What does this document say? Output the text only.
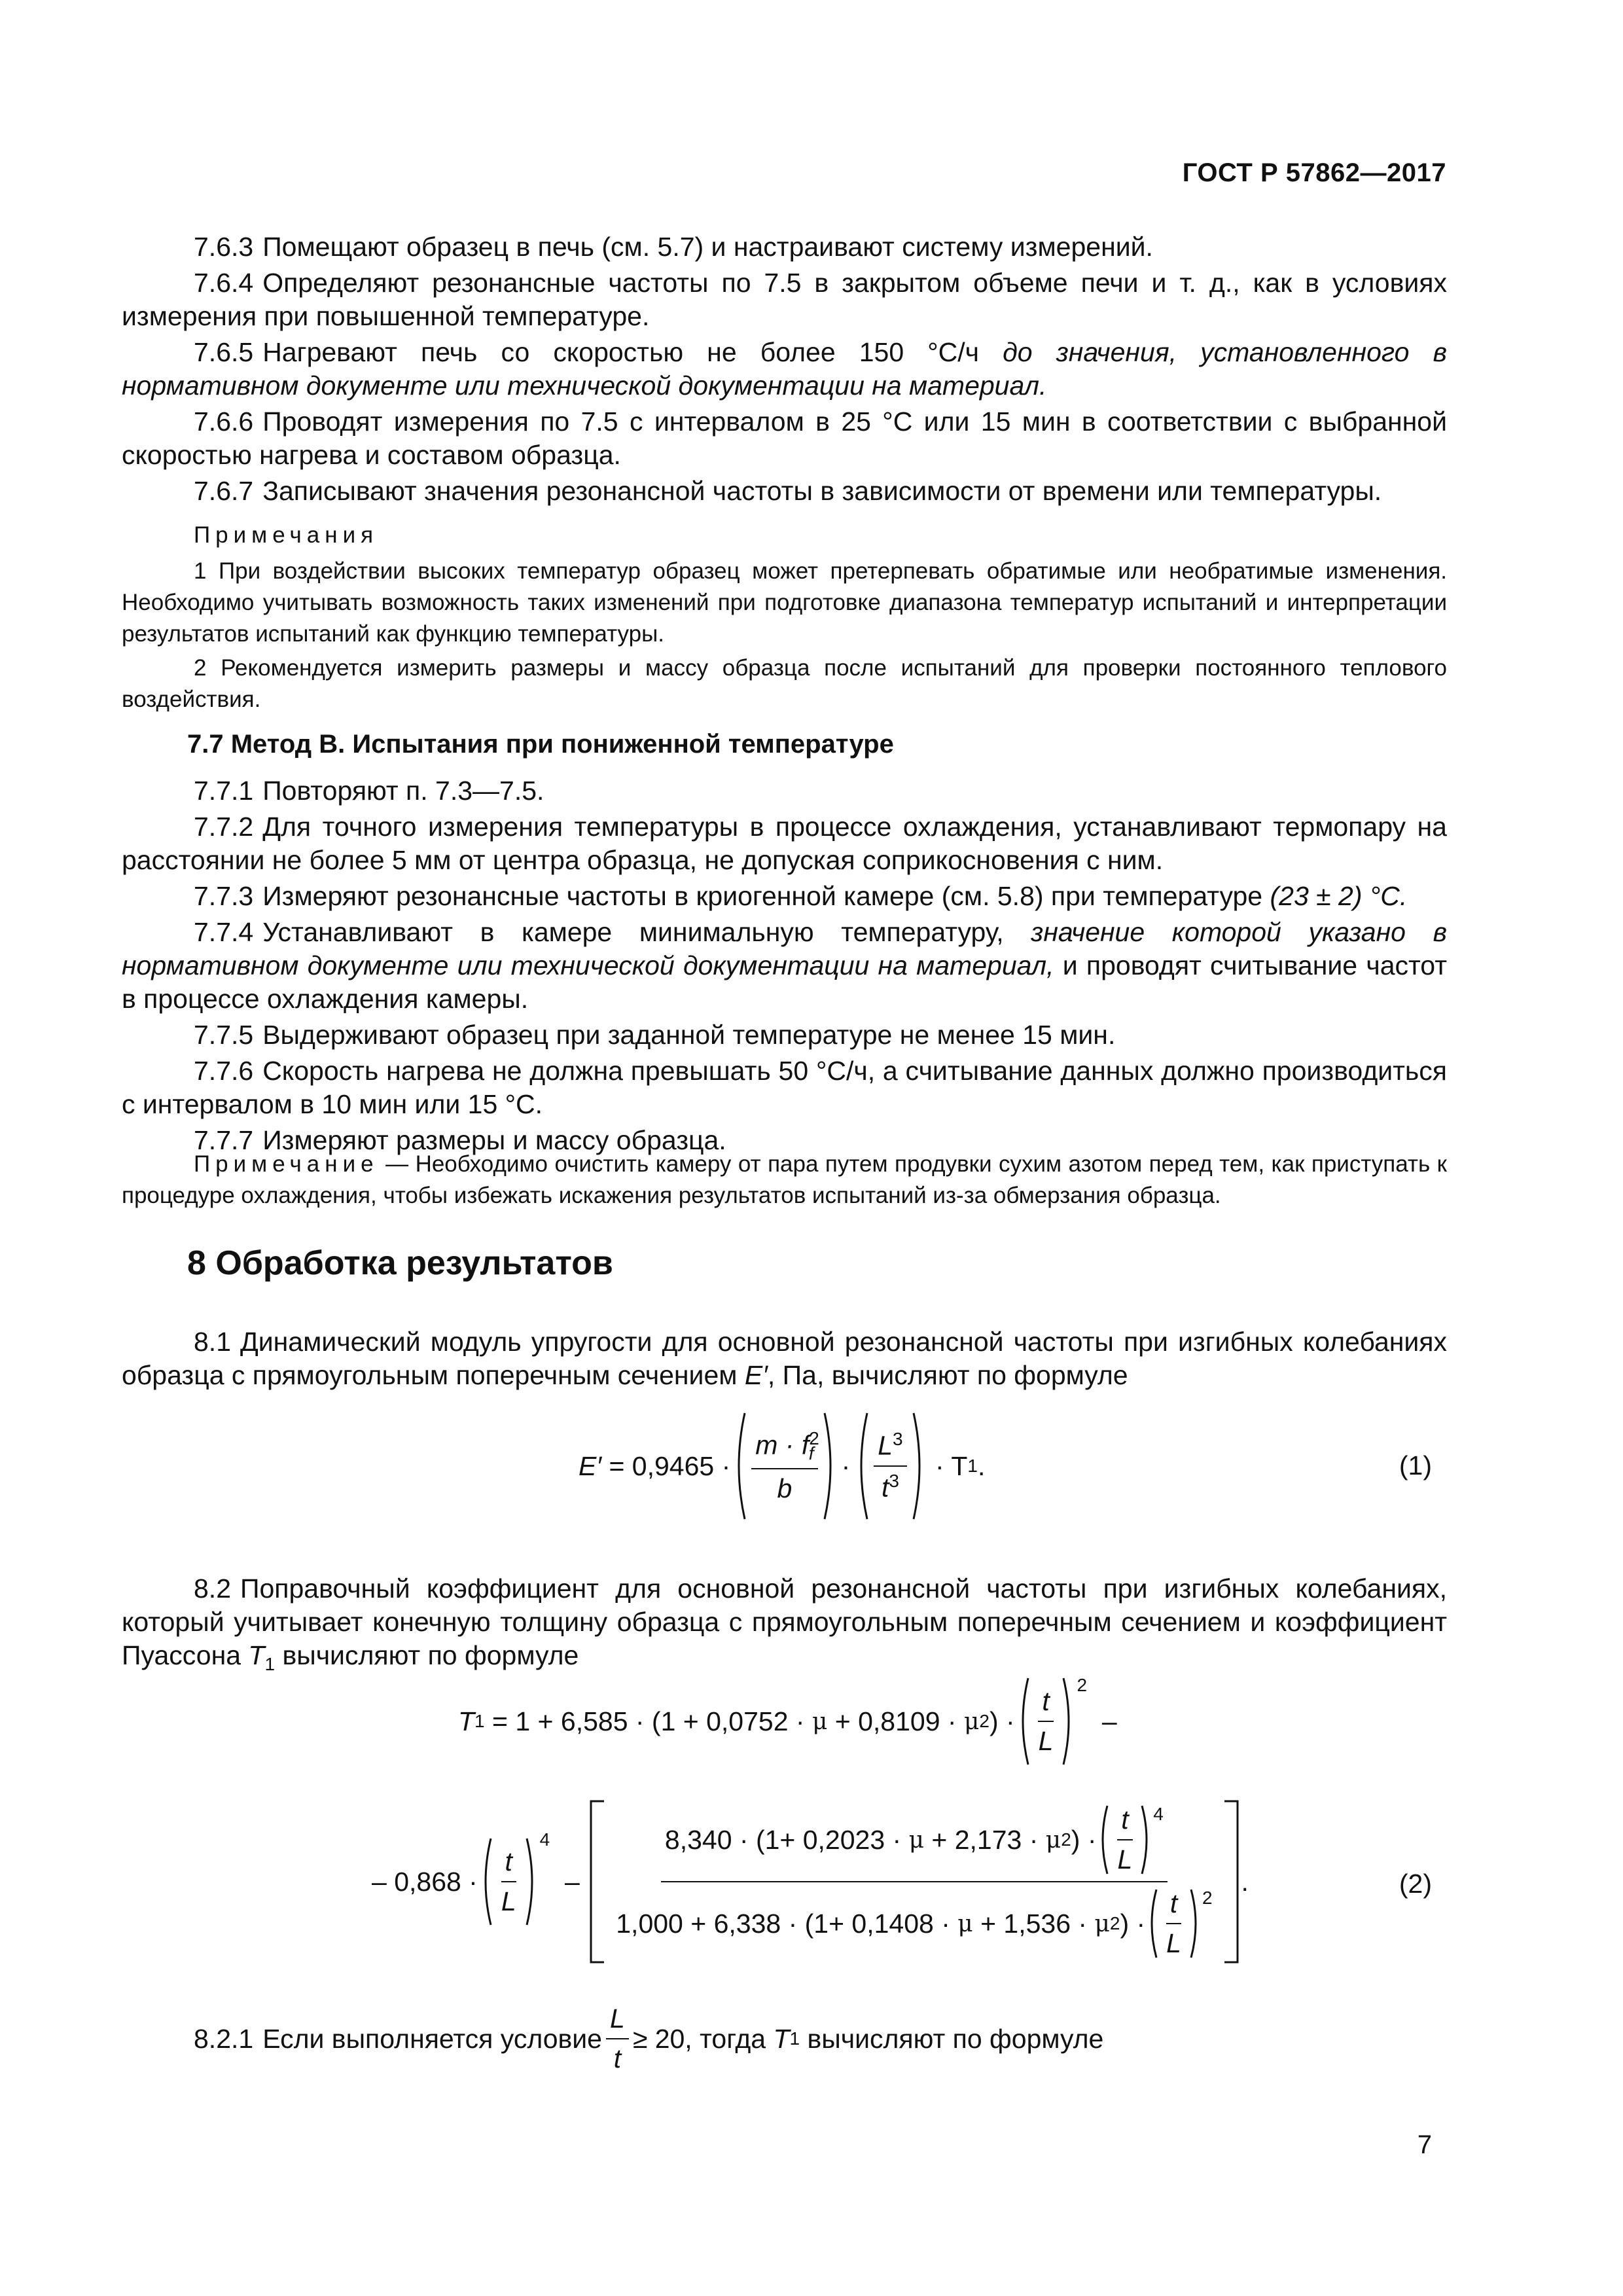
ГОСТ Р 57862—2017

7.6.3 Помещают образец в печь (см. 5.7) и настраивают систему измерений.

7.6.4 Определяют резонансные частоты по 7.5 в закрытом объеме печи и т. д., как в условиях измерения при повышенной температуре.

7.6.5 Нагревают печь со скоростью не более 150 °С/ч до значения, установленного в нормативном документе или технической документации на материал.

7.6.6 Проводят измерения по 7.5 с интервалом в 25 °С или 15 мин в соответствии с выбранной скоростью нагрева и составом образца.

7.6.7 Записывают значения резонансной частоты в зависимости от времени или температуры.

Примечания

1 При воздействии высоких температур образец может претерпевать обратимые или необратимые изменения. Необходимо учитывать возможность таких изменений при подготовке диапазона температур испытаний и интерпретации результатов испытаний как функцию температуры.

2 Рекомендуется измерить размеры и массу образца после испытаний для проверки постоянного теплового воздействия.

7.7 Метод В. Испытания при пониженной температуре

7.7.1 Повторяют п. 7.3—7.5.

7.7.2 Для точного измерения температуры в процессе охлаждения, устанавливают термопару на расстоянии не более 5 мм от центра образца, не допуская соприкосновения с ним.

7.7.3 Измеряют резонансные частоты в криогенной камере (см. 5.8) при температуре (23 ± 2) °С.

7.7.4 Устанавливают в камере минимальную температуру, значение которой указано в нормативном документе или технической документации на материал, и проводят считывание частот в процессе охлаждения камеры.

7.7.5 Выдерживают образец при заданной температуре не менее 15 мин.

7.7.6 Скорость нагрева не должна превышать 50 °С/ч, а считывание данных должно производиться с интервалом в 10 мин или 15 °С.

7.7.7 Измеряют размеры и массу образца.

Примечание — Необходимо очистить камеру от пара путем продувки сухим азотом перед тем, как приступать к процедуре охлаждения, чтобы избежать искажения результатов испытаний из-за обмерзания образца.

8 Обработка результатов

8.1 Динамический модуль упругости для основной резонансной частоты при изгибных колебаниях образца с прямоугольным поперечным сечением E′, Па, вычисляют по формуле

E′
= $0,9465 \cdot \frac{m \cdot f^2_f}{b} \cdot \frac{L^3}{t^3}$
· T 1 .	(1)

8.2 Поправочный коэффициент для основной резонансной частоты при изгибных колебаниях, который учитывает конечную толщину образца с прямоугольным поперечным сечением и коэффициент Пуассона $T_1$ вычисляют по формуле

T 1
= 1 + 6,585 · (1 + 0,0752 ·
μ
+ 0,8109 ·
μ 2 ) · $\frac{t}{L}$
$^2$

–
– $0,868 \cdot \frac{t}{L}$
$^4$

–

8,340 · (1+ 0,2023 ·
μ
+ 2,173 ·
μ 2 ) · $\frac{t}{L} ^4$
1,000 + 6,338 · (1+ 0,1408 ·
μ
+ 1,536 ·
μ 2 ) · $\frac{t}{L} ^2$
.	(2)
8.2.1 Если выполняется условие $\frac{L}{t} \ge 20$, тогда
T 1
вычисляют по формуле
7
